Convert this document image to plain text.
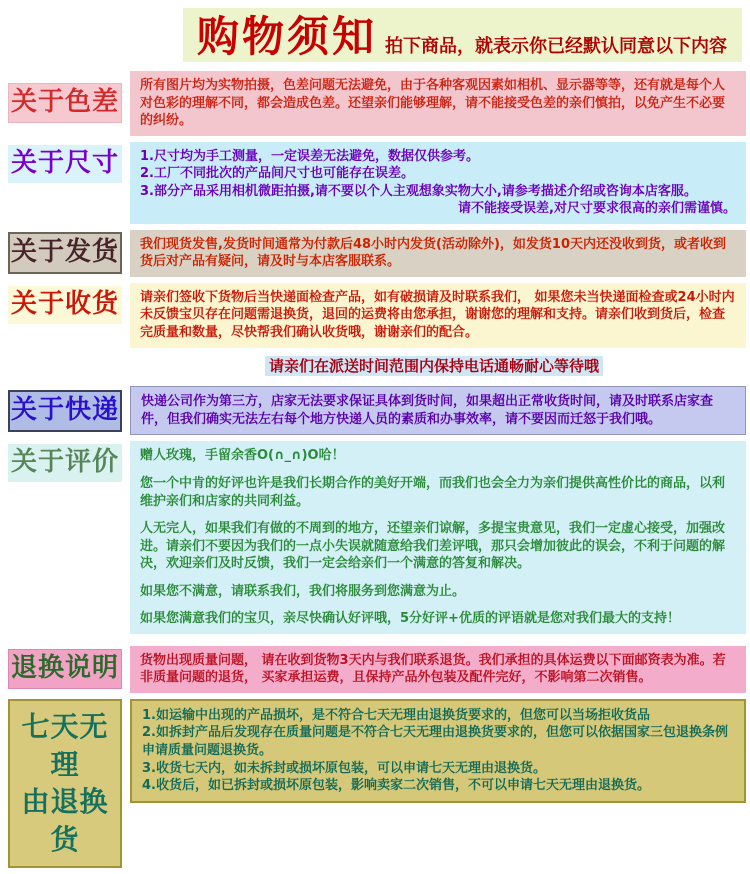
购物须知 拍下商品，就表示你已经默认同意以下内容
关于色差

所有图片均为实物拍摄，色差问题无法避免，由于各种客观因素如相机、显示器等等，还有就是每个人对色彩的理解不同，都会造成色差。还望亲们能够理解，请不能接受色差的亲们慎拍，以免产生不必要的纠纷。

关于尺寸 1.尺寸均为手工测量，一定误差无法避免，数据仅供参考。

2.工厂不同批次的产品间尺寸也可能存在误差。

3.部分产品采用相机微距拍摄,请不要以个人主观想象实物大小,请参考描述介绍或咨询本店客服。

请不能接受误差,对尺寸要求很高的亲们需谨慎。

关于发货 我们现货发售,发货时间通常为付款后48小时内发货(活动除外)，如发货10天内还没收到货，或者收到货后对产品有疑问，请及时与本店客服联系。

关于收货 请亲们签收下货物后当快递面检查产品，如有破损请及时联系我们， 如果您未当快递面检查或24小时内未反馈宝贝存在问题需退换货，退回的运费将由您承担，谢谢您的理解和支持。请亲们收到货后，检查完质量和数量，尽快帮我们确认收货哦，谢谢亲们的配合。

请亲们在派送时间范围内保持电话通畅耐心等待哦
关于快递 快递公司作为第三方，店家无法要求保证具体到货时间，如果超出正常收货时间，请及时联系店家查件，但我们确实无法左右每个地方快递人员的素质和办事效率，请不要因而迁怒于我们哦。

关于评价 赠人玫瑰，手留余香O(∩_∩)O哈！

您一个中肯的好评也许是我们长期合作的美好开端，而我们也会全力为亲们提供高性价比的商品，以利维护亲们和店家的共同利益。

人无完人，如果我们有做的不周到的地方，还望亲们谅解，多提宝贵意见，我们一定虚心接受，加强改进。请亲们不要因为我们的一点小失误就随意给我们差评哦，那只会增加彼此的误会，不利于问题的解决，欢迎亲们及时反馈，我们一定会给亲们一个满意的答复和解决。

如果您不满意，请联系我们，我们将服务到您满意为止。

如果您满意我们的宝贝，亲尽快确认好评哦，5分好评+优质的评语就是您对我们最大的支持！

退换说明 货物出现质量问题， 请在收到货物3天内与我们联系退货。我们承担的具体运费以下面邮资表为准。若非质量问题的退货， 买家承担运费，且保持产品外包装及配件完好，不影响第二次销售。

七天无理
由退换货

1.如运输中出现的产品损坏，是不符合七天无理由退换货要求的，但您可以当场拒收货品

2.如拆封产品后发现存在质量问题是不符合七天无理由退换货要求的，但您可以依据国家三包退换条例申请质量问题退换货。

3.收货七天内，如未拆封或损坏原包装，可以申请七天无理由退换货。

4.收货后，如已拆封或损坏原包装，影响卖家二次销售，不可以申请七天无理由退换货。
